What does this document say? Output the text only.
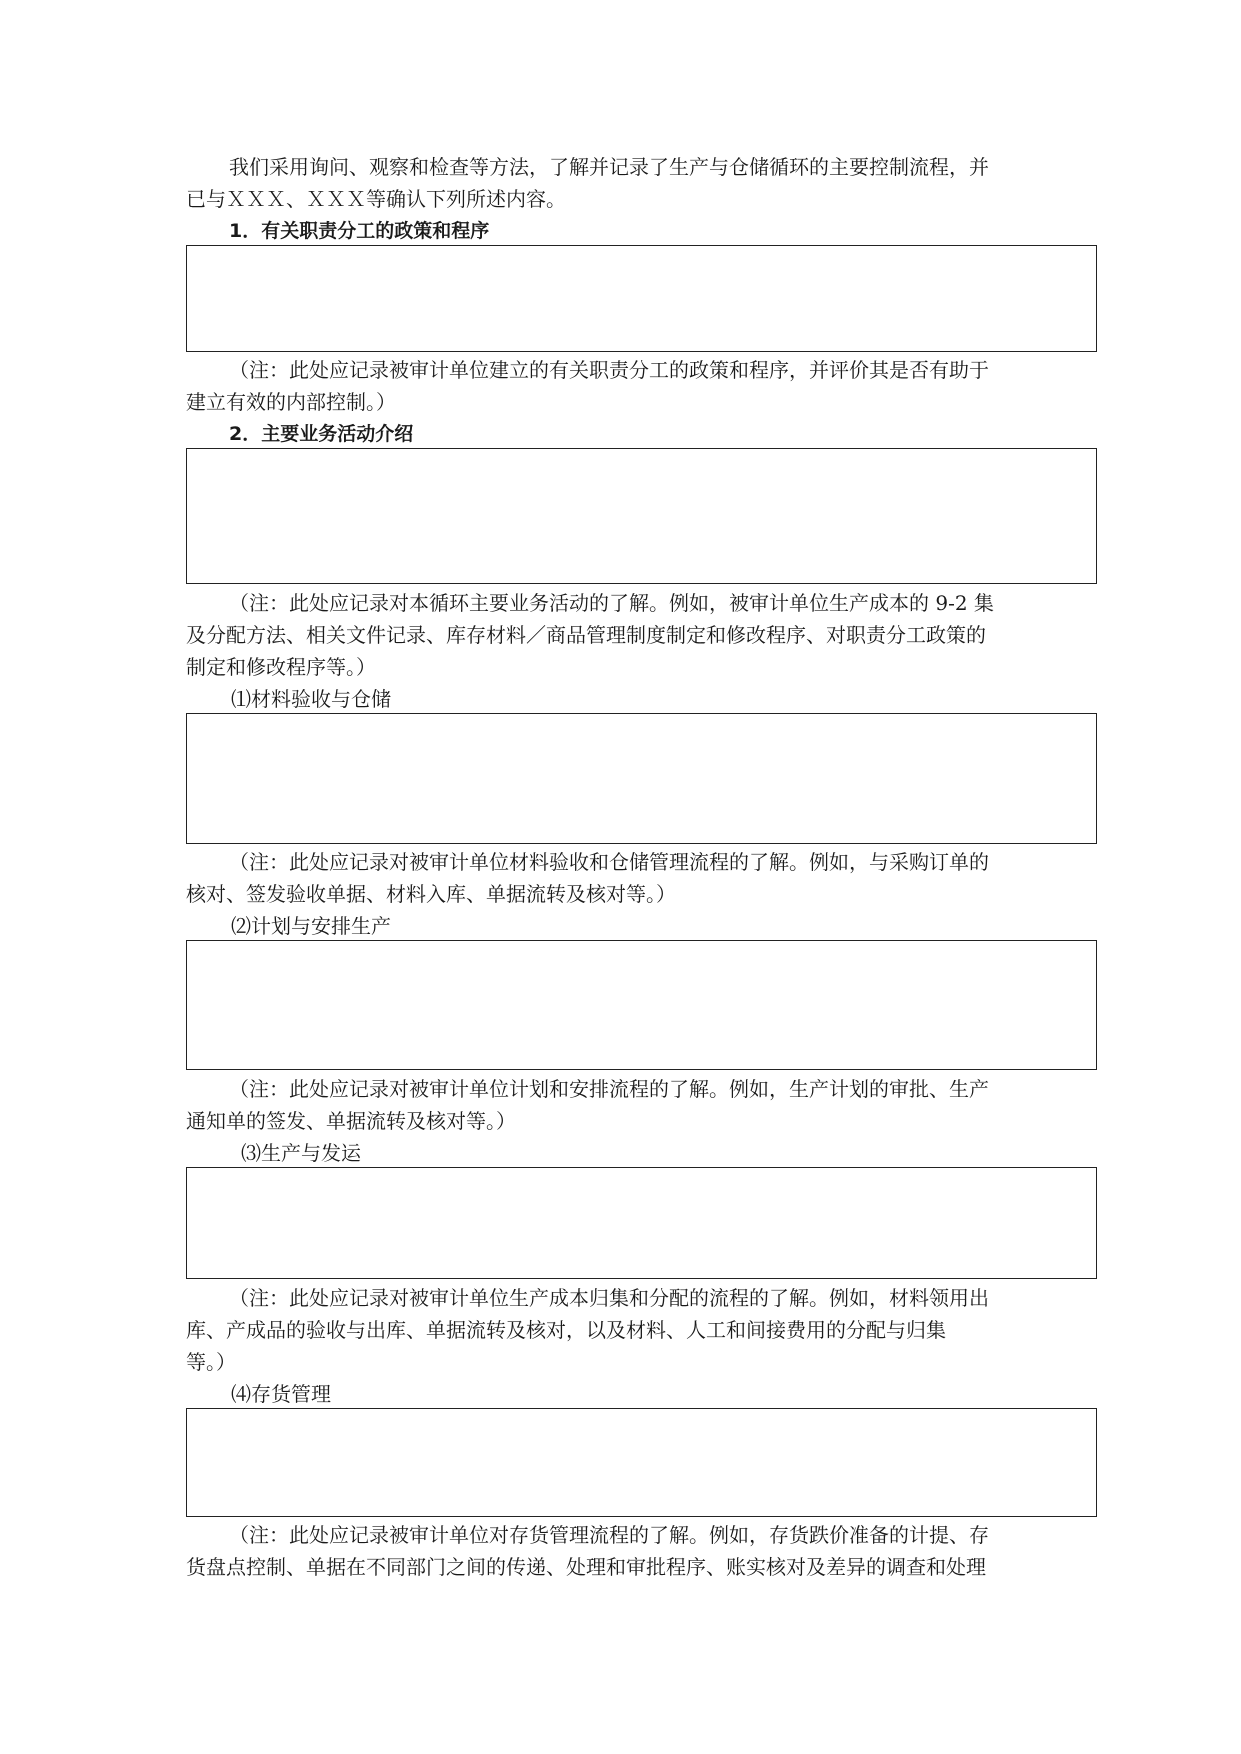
我们采用询问、观察和检查等方法，了解并记录了生产与仓储循环的主要控制流程，并
已与ＸＸＸ、ＸＸＸ等确认下列所述内容。
1．有关职责分工的政策和程序
（注：此处应记录被审计单位建立的有关职责分工的政策和程序，并评价其是否有助于
建立有效的内部控制。）
2．主要业务活动介绍
（注：此处应记录对本循环主要业务活动的了解。例如，被审计单位生产成本的 9-2 集
及分配方法、相关文件记录、库存材料／商品管理制度制定和修改程序、对职责分工政策的
制定和修改程序等。）
⑴材料验收与仓储
（注：此处应记录对被审计单位材料验收和仓储管理流程的了解。例如，与采购订单的
核对、签发验收单据、材料入库、单据流转及核对等。）
⑵计划与安排生产
（注：此处应记录对被审计单位计划和安排流程的了解。例如，生产计划的审批、生产
通知单的签发、单据流转及核对等。）
⑶生产与发运
（注：此处应记录对被审计单位生产成本归集和分配的流程的了解。例如，材料领用出
库、产成品的验收与出库、单据流转及核对，以及材料、人工和间接费用的分配与归集
等。）
⑷存货管理
（注：此处应记录被审计单位对存货管理流程的了解。例如，存货跌价准备的计提、存
货盘点控制、单据在不同部门之间的传递、处理和审批程序、账实核对及差异的调查和处理
